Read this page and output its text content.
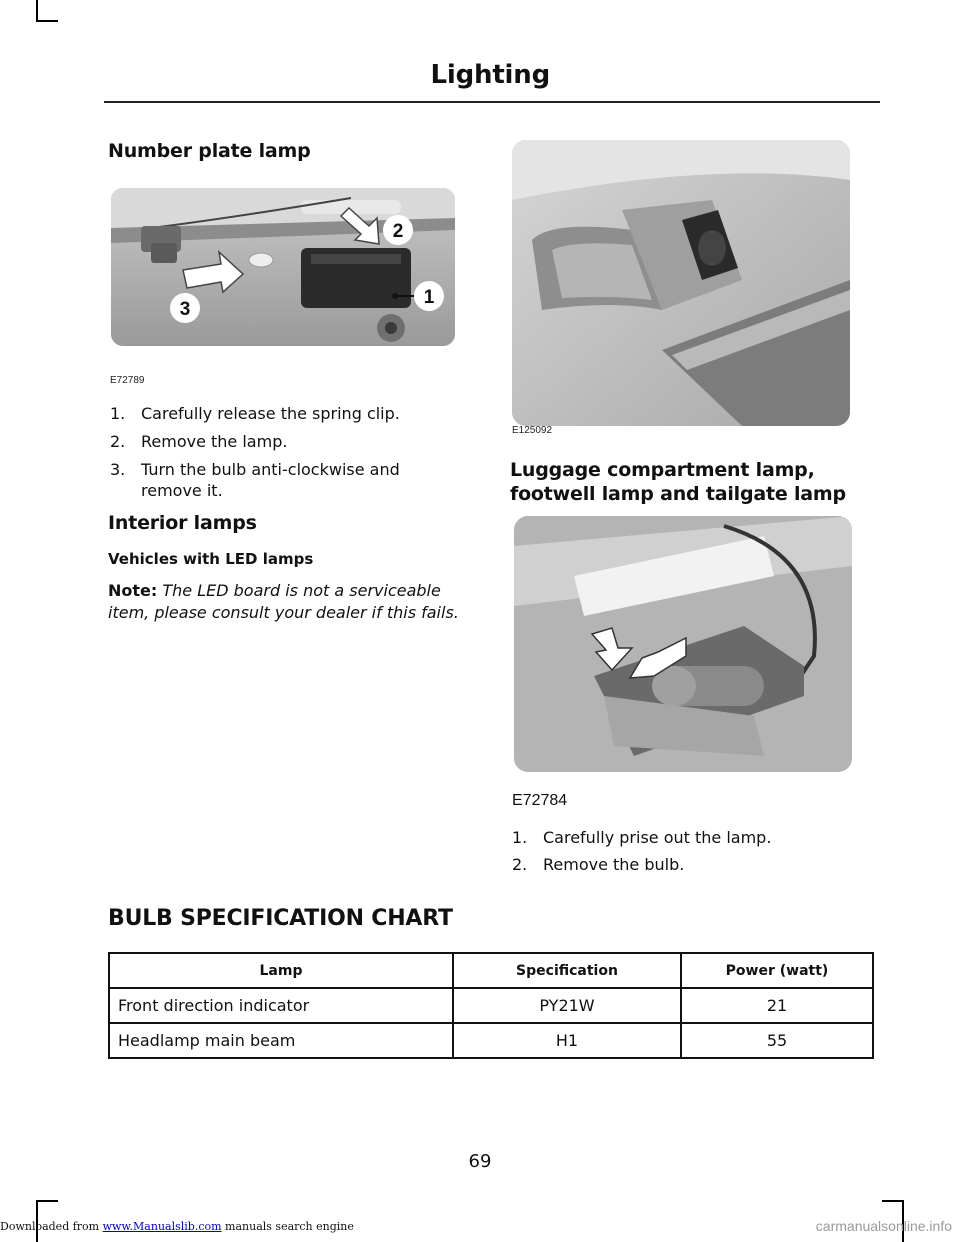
Lighting
Number plate lamp
2
1
3
E72789
1. Carefully release the spring clip.
2. Remove the lamp.
3. Turn the bulb anti-clockwise and
remove it.
Interior lamps
Vehicles with LED lamps
Note: The LED board is not a serviceable
item, please consult your dealer if this fails.
E125092
Luggage compartment lamp,
footwell lamp and tailgate lamp
E72784
1. Carefully prise out the lamp.
2. Remove the bulb.
BULB SPECIFICATION CHART
Lamp	Specification	Power (watt)
Front direction indicator	PY21W	21
Headlamp main beam	H1	55
69
Downloaded from www.Manualslib.com manuals search engine	carmanualsonline.info
